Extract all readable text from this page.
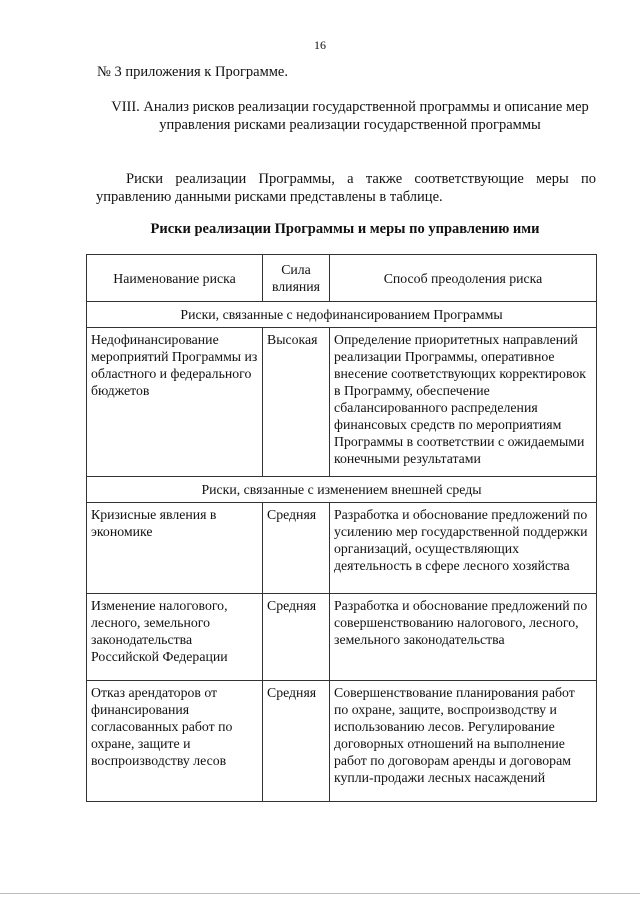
16
№ 3 приложения к Программе.
VIII. Анализ рисков реализации государственной программы и описание мер управления рисками реализации государственной программы
Риски реализации Программы, а также соответствующие меры по управлению данными рисками представлены в таблице.
Риски реализации Программы и меры по управлению ими
Наименование риска	Сила влияния	Способ преодоления риска
Риски, связанные с недофинансированием Программы		
Недофинансирование мероприятий Программы из областного и федерального бюджетов	Высокая	Определение приоритетных направлений реализации Программы, оперативное внесение соответствующих корректировок в Программу, обеспечение сбалансированного распределения финансовых средств по мероприятиям Программы в соответствии с ожидаемыми конечными результатами
Риски, связанные с изменением внешней среды		
Кризисные явления в экономике	Средняя	Разработка и обоснование предложений по усилению мер государственной поддержки организаций, осуществляющих деятельность в сфере лесного хозяйства
Изменение налогового, лесного, земельного законодательства Российской Федерации	Средняя	Разработка и обоснование предложений по совершенствованию налогового, лесного, земельного законодательства
Отказ арендаторов от финансирования согласованных работ по охране, защите и воспроизводству лесов	Средняя	Совершенствование планирования работ по охране, защите, воспроизводству и использованию лесов. Регулирование договорных отношений на выполнение работ по договорам аренды и договорам купли-продажи лесных насаждений
